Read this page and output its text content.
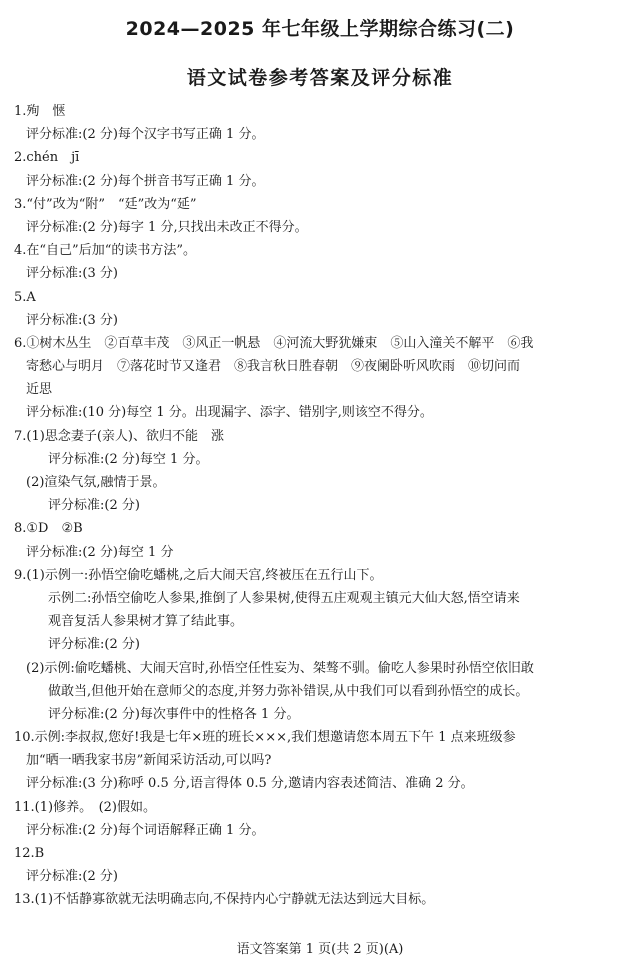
2024—2025 年七年级上学期综合练习(二)
语文试卷参考答案及评分标准
1.殉　惬
评分标准:(2 分)每个汉字书写正确 1 分。
2.chén　jī
评分标准:(2 分)每个拼音书写正确 1 分。
3.“付”改为“附”　“廷”改为“延”
评分标准:(2 分)每字 1 分,只找出未改正不得分。
4.在“自己”后加“的读书方法”。
评分标准:(3 分)
5.A
评分标准:(3 分)
6.①树木丛生　②百草丰茂　③风正一帆悬　④河流大野犹嫌束　⑤山入潼关不解平　⑥我
寄愁心与明月　⑦落花时节又逢君　⑧我言秋日胜春朝　⑨夜阑卧听风吹雨　⑩切问而
近思
评分标准:(10 分)每空 1 分。出现漏字、添字、错别字,则该空不得分。
7.(1)思念妻子(亲人)、欲归不能　涨
评分标准:(2 分)每空 1 分。
(2)渲染气氛,融情于景。
评分标准:(2 分)
8.①D　②B
评分标准:(2 分)每空 1 分
9.(1)示例一:孙悟空偷吃蟠桃,之后大闹天宫,终被压在五行山下。
示例二:孙悟空偷吃人参果,推倒了人参果树,使得五庄观观主镇元大仙大怒,悟空请来
观音复活人参果树才算了结此事。
评分标准:(2 分)
(2)示例:偷吃蟠桃、大闹天宫时,孙悟空任性妄为、桀骜不驯。偷吃人参果时孙悟空依旧敢
做敢当,但他开始在意师父的态度,并努力弥补错误,从中我们可以看到孙悟空的成长。
评分标准:(2 分)每次事件中的性格各 1 分。
10.示例:李叔叔,您好!我是七年×班的班长×××,我们想邀请您本周五下午 1 点来班级参
加“晒一晒我家书房”新闻采访活动,可以吗?
评分标准:(3 分)称呼 0.5 分,语言得体 0.5 分,邀请内容表述简洁、准确 2 分。
11.(1)修养。　(2)假如。
评分标准:(2 分)每个词语解释正确 1 分。
12.B
评分标准:(2 分)
13.(1)不恬静寡欲就无法明确志向,不保持内心宁静就无法达到远大目标。
语文答案第 1 页(共 2 页)(A)
